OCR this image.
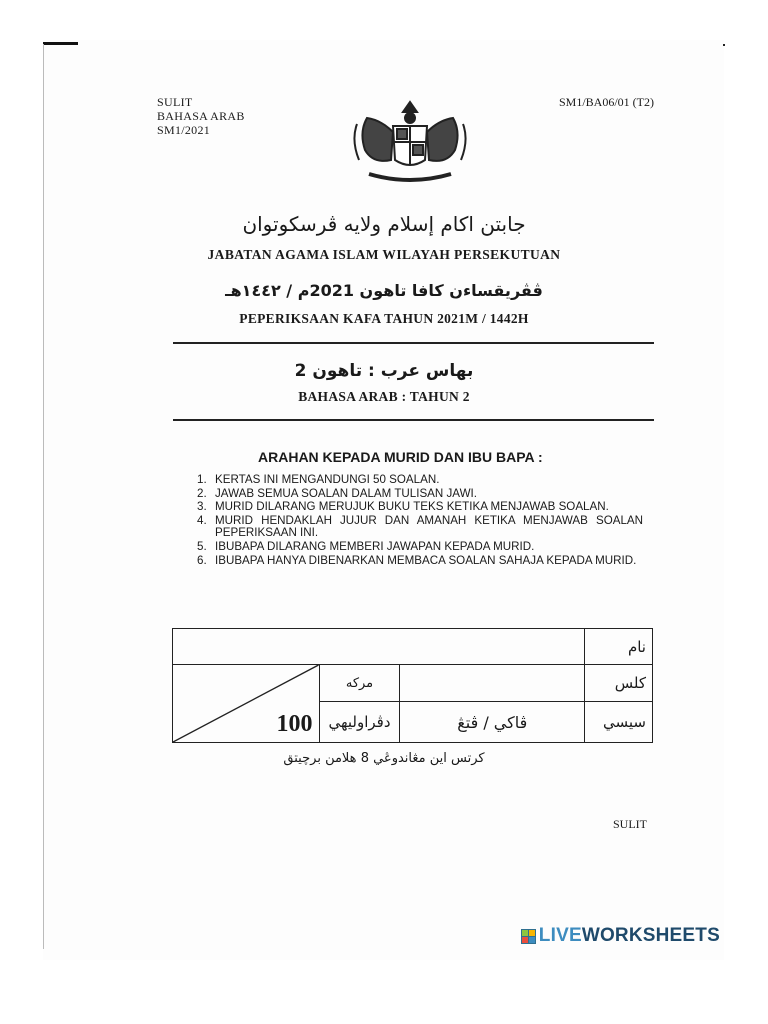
SULIT
BAHASA ARAB
SM1/2021
SM1/BA06/01 (T2)
جابتن اکام إسلام ولايه ڤرسکوتوان
JABATAN AGAMA ISLAM WILAYAH PERSEKUTUAN
ڤڤريقساءن كافا تاهون 2021م / ١٤٤٢هـ
PEPERIKSAAN KAFA TAHUN 2021M / 1442H
بهاس عرب : تاهون 2
BAHASA ARAB : TAHUN 2
ARAHAN KEPADA MURID DAN IBU BAPA :
1. KERTAS INI MENGANDUNGI 50 SOALAN.
2. JAWAB SEMUA SOALAN DALAM TULISAN JAWI.
3. MURID DILARANG MERUJUK BUKU TEKS KETIKA MENJAWAB SOALAN.
4. MURID HENDAKLAH JUJUR DAN AMANAH KETIKA MENJAWAB SOALAN PEPERIKSAAN INI.
5. IBUBAPA DILARANG MEMBERI JAWAPAN KEPADA MURID.
6. IBUBAPA HANYA DIBENARKAN MEMBACA SOALAN SAHAJA KEPADA MURID.
			نام

100	مركه		كلس
	دڤراوليهي	ڤاکي / ڤتڠ	سيسي
كرتس اين مڠاندوڠي 8 هلامن برچيتق
SULIT
LIVEWORKSHEETS
